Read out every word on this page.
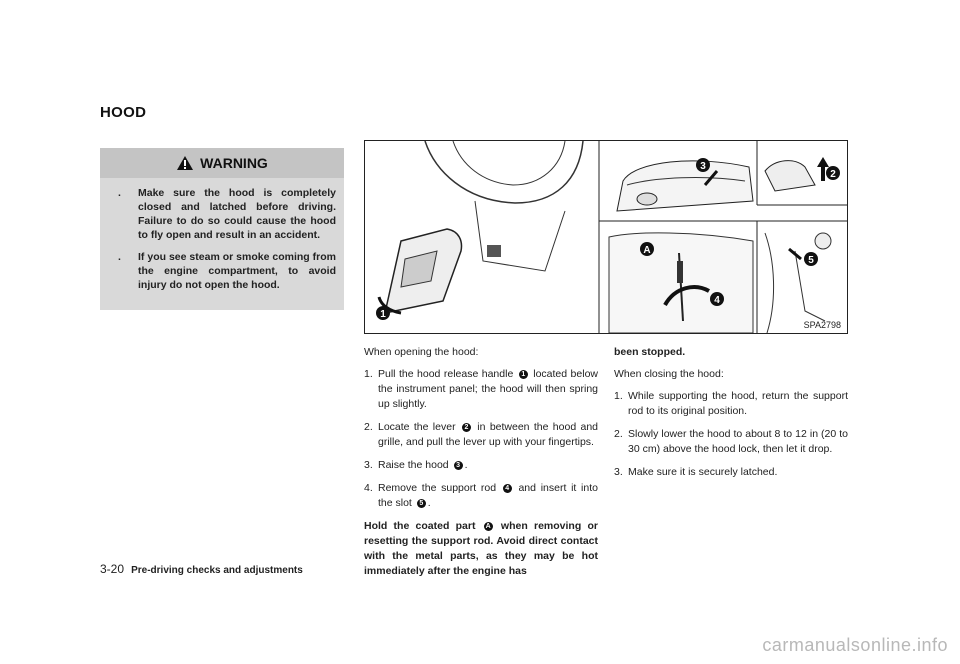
HOOD
WARNING
. Make sure the hood is completely closed and latched before driving. Failure to do so could cause the hood to fly open and result in an accident.
. If you see steam or smoke coming from the engine compartment, to avoid injury do not open the hood.
1
2
3
4
5
A
SPA2798

When opening the hood:

1. Pull the hood release handle 1 located below the instrument panel; the hood will then spring up slightly.
2. Locate the lever 2 in between the hood and grille, and pull the lever up with your fingertips.
3. Raise the hood 3 .
4. Remove the support rod 4 and insert it into the slot 5 .

Hold the coated part A when removing or resetting the support rod. Avoid direct contact with the metal parts, as they may be hot immediately after the engine has

been stopped.

When closing the hood:

1. While supporting the hood, return the support rod to its original position.
2. Slowly lower the hood to about 8 to 12 in (20 to 30 cm) above the hood lock, then let it drop.
3. Make sure it is securely latched.
3-20 Pre-driving checks and adjustments
carmanualsonline.info
